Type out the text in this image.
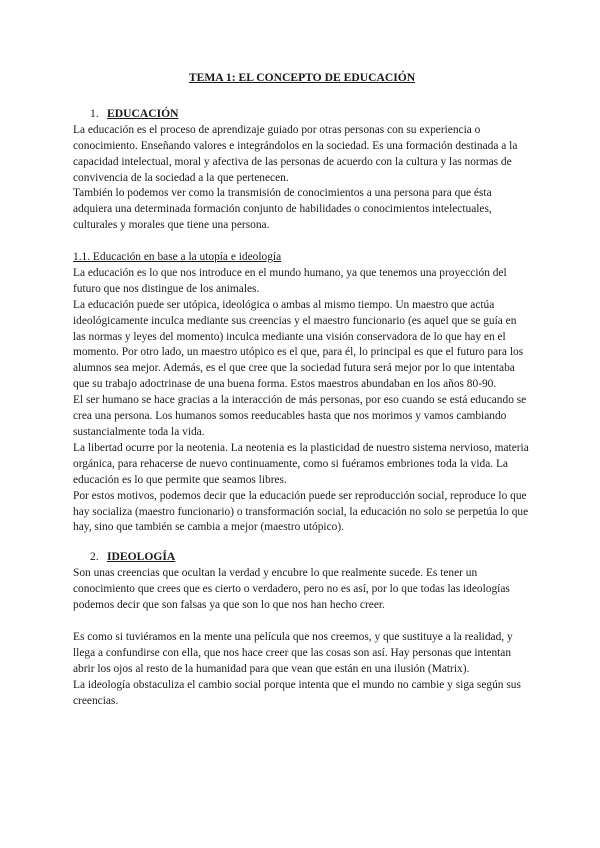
TEMA 1: EL CONCEPTO DE EDUCACIÓN
1. EDUCACIÓN

La educación es el proceso de aprendizaje guiado por otras personas con su experiencia o conocimiento. Enseñando valores e integrándolos en la sociedad. Es una formación destinada a la capacidad intelectual, moral y afectiva de las personas de acuerdo con la cultura y las normas de convivencia de la sociedad a la que pertenecen.

También lo podemos ver como la transmisión de conocimientos a una persona para que ésta adquiera una determinada formación conjunto de habilidades o conocimientos intelectuales, culturales y morales que tiene una persona.

1.1. Educación en base a la utopía e ideología

La educación es lo que nos introduce en el mundo humano, ya que tenemos una proyección del futuro que nos distingue de los animales.

La educación puede ser utópica, ideológica o ambas al mismo tiempo. Un maestro que actúa ideológicamente inculca mediante sus creencias y el maestro funcionario (es aquel que se guía en las normas y leyes del momento) inculca mediante una visión conservadora de lo que hay en el momento. Por otro lado, un maestro utópico es el que, para él, lo principal es que el futuro para los alumnos sea mejor. Además, es el que cree que la sociedad futura será mejor por lo que intentaba que su trabajo adoctrinase de una buena forma. Estos maestros abundaban en los años 80-90.

El ser humano se hace gracias a la interacción de más personas, por eso cuando se está educando se crea una persona. Los humanos somos reeducables hasta que nos morimos y vamos cambiando sustancialmente toda la vida.

La libertad ocurre por la neotenia. La neotenia es la plasticidad de nuestro sistema nervioso, materia orgánica, para rehacerse de nuevo continuamente, como si fuéramos embriones toda la vida. La educación es lo que permite que seamos libres.

Por estos motivos, podemos decir que la educación puede ser reproducción social, reproduce lo que hay socializa (maestro funcionario) o transformación social, la educación no solo se perpetúa lo que hay, sino que también se cambia a mejor (maestro utópico).

2. IDEOLOGÍA

Son unas creencias que ocultan la verdad y encubre lo que realmente sucede. Es tener un conocimiento que crees que es cierto o verdadero, pero no es así, por lo que todas las ideologías podemos decir que son falsas ya que son lo que nos han hecho creer.

Es como si tuviéramos en la mente una película que nos creemos, y que sustituye a la realidad, y llega a confundirse con ella, que nos hace creer que las cosas son así. Hay personas que intentan abrir los ojos al resto de la humanidad para que vean que están en una ilusión (Matrix).

La ideología obstaculiza el cambio social porque intenta que el mundo no cambie y siga según sus creencias.
